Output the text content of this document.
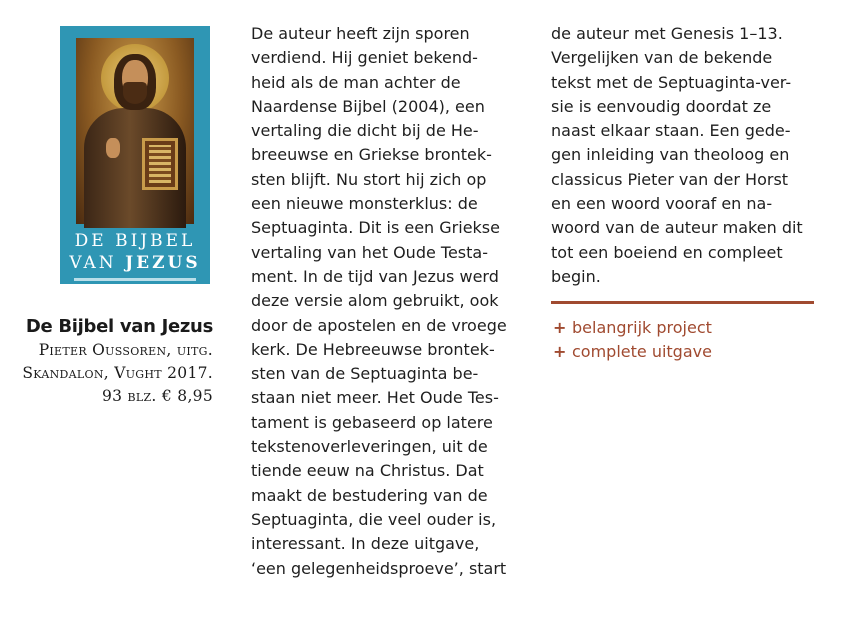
DE BIJBEL
VAN JEZUS
De Bijbel van Jezus
Pieter Oussoren, uitg.
Skandalon, Vught 2017.
93 blz. € 8,95
De auteur heeft zijn sporen
verdiend. Hij geniet bekend-
heid als de man achter de
Naardense Bijbel (2004), een
vertaling die dicht bij de He-
breeuwse en Griekse brontek-
sten blijft. Nu stort hij zich op
een nieuwe monsterklus: de
Septuaginta. Dit is een Griekse
vertaling van het Oude Testa-
ment. In de tijd van Jezus werd
deze versie alom gebruikt, ook
door de apostelen en de vroege
kerk. De Hebreeuwse brontek-
sten van de Septuaginta be-
staan niet meer. Het Oude Tes-
tament is gebaseerd op latere
tekstenoverleveringen, uit de
tiende eeuw na Christus. Dat
maakt de bestudering van de
Septuaginta, die veel ouder is,
interessant. In deze uitgave,
‘een gelegenheidsproeve’, start
de auteur met Genesis 1–13.
Vergelijken van de bekende
tekst met de Septuaginta-ver-
sie is eenvoudig doordat ze
naast elkaar staan. Een gede-
gen inleiding van theoloog en
classicus Pieter van der Horst
en een woord vooraf en na-
woord van de auteur maken dit
tot een boeiend en compleet
begin.
+ belangrijk project
+ complete uitgave
